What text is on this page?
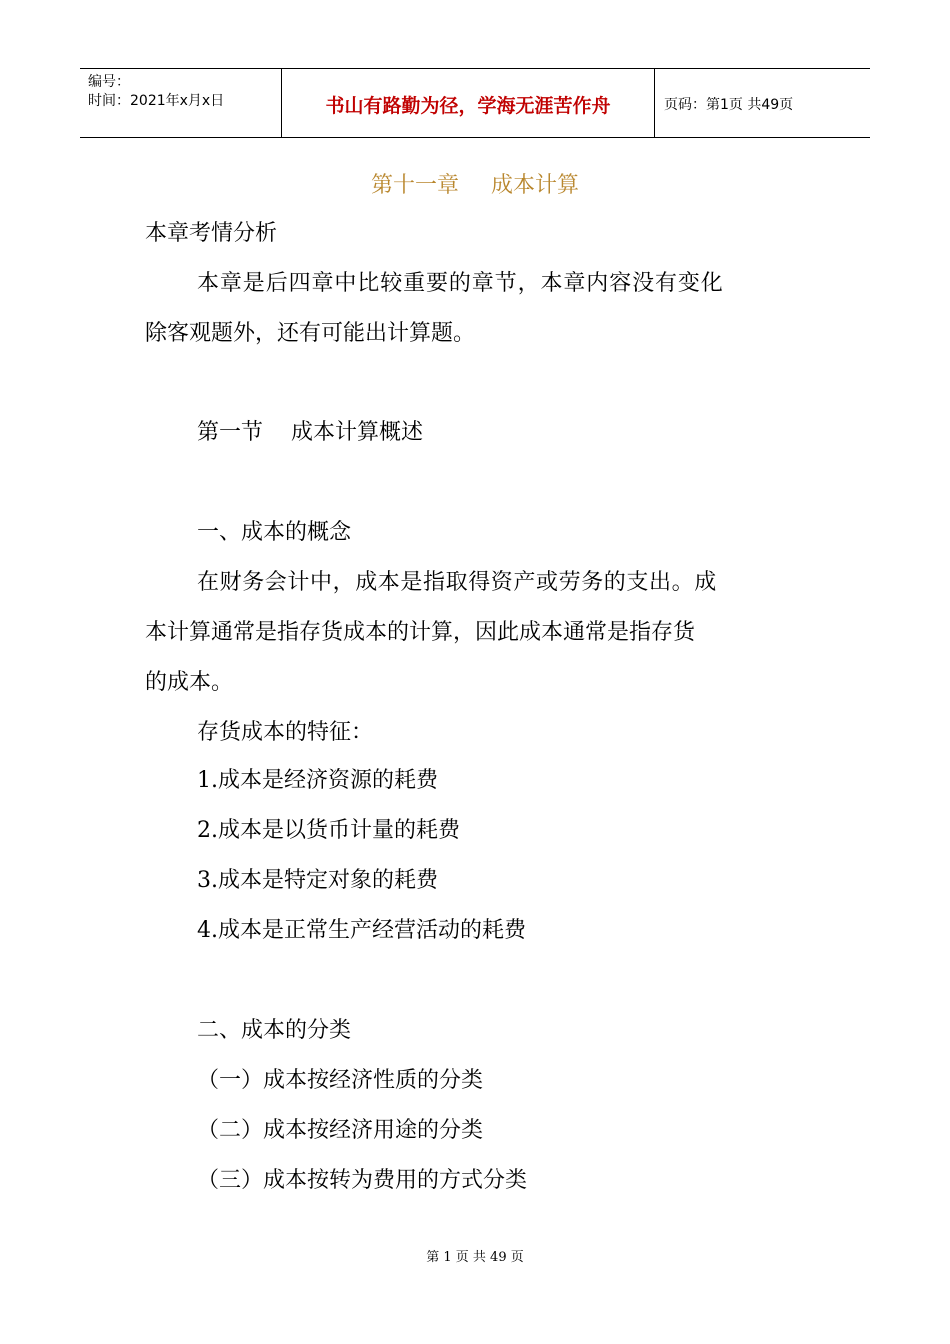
编号：
时间：2021年x月x日	书山有路勤为径，学海无涯苦作舟	页码：第1页 共49页
第十一章 成本计算
本章考情分析
本章是后四章中比较重要的章节，本章内容没有变化
除客观题外，还有可能出计算题。
第一节 成本计算概述
一、成本的概念
在财务会计中，成本是指取得资产或劳务的支出。成
本计算通常是指存货成本的计算，因此成本通常是指存货
的成本。
存货成本的特征：
1.成本是经济资源的耗费
2.成本是以货币计量的耗费
3.成本是特定对象的耗费
4.成本是正常生产经营活动的耗费
二、成本的分类
（一）成本按经济性质的分类
（二）成本按经济用途的分类
（三）成本按转为费用的方式分类
第 1 页 共 49 页
